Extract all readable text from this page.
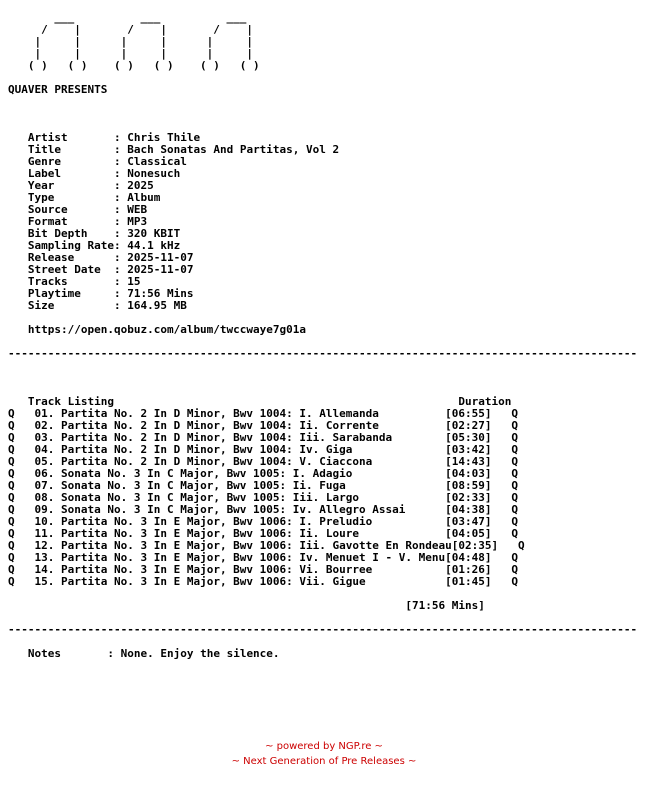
___          ___          ___
/    |       /    |       /    |
|     |      |     |      |     |
|     |      |     |      |     |
( )   ( )    ( )   ( )    ( )   ( )

QUAVER PRESENTS

Artist       : Chris Thile
Title        : Bach Sonatas And Partitas, Vol 2
Genre        : Classical
Label        : Nonesuch
Year         : 2025
Type         : Album
Source       : WEB
Format       : MP3
Bit Depth    : 320 KBIT
Sampling Rate: 44.1 kHz
Release      : 2025-11-07
Street Date  : 2025-11-07
Tracks       : 15
Playtime     : 71:56 Mins
Size         : 164.95 MB

https://open.qobuz.com/album/twccwaye7g01a

-----------------------------------------------------------------------------------------------

Track Listing	Duration
Q 01. Partita No. 2 In D Minor, Bwv 1004: I. Allemanda          [06:55] Q
Q 02. Partita No. 2 In D Minor, Bwv 1004: Ii. Corrente          [02:27] Q
Q 03. Partita No. 2 In D Minor, Bwv 1004: Iii. Sarabanda        [05:30] Q
Q 04. Partita No. 2 In D Minor, Bwv 1004: Iv. Giga              [03:42] Q
Q 05. Partita No. 2 In D Minor, Bwv 1004: V. Ciaccona           [14:43] Q
Q 06. Sonata No. 3 In C Major, Bwv 1005: I. Adagio              [04:03] Q
Q 07. Sonata No. 3 In C Major, Bwv 1005: Ii. Fuga               [08:59] Q
Q 08. Sonata No. 3 In C Major, Bwv 1005: Iii. Largo             [02:33] Q
Q 09. Sonata No. 3 In C Major, Bwv 1005: Iv. Allegro Assai      [04:38] Q
Q 10. Partita No. 3 In E Major, Bwv 1006: I. Preludio           [03:47] Q
Q 11. Partita No. 3 In E Major, Bwv 1006: Ii. Loure             [04:05] Q
Q 12. Partita No. 3 In E Major, Bwv 1006: Iii. Gavotte En Rondeau[02:35] Q
Q 13. Partita No. 3 In E Major, Bwv 1006: Iv. Menuet I - V. Menu[04:48] Q
Q 14. Partita No. 3 In E Major, Bwv 1006: Vi. Bourree           [01:26] Q
Q 15. Partita No. 3 In E Major, Bwv 1006: Vii. Gigue            [01:45] Q

[71:56 Mins]

-----------------------------------------------------------------------------------------------

Notes       : None. Enjoy the silence.
~ powered by NGP.re ~
~ Next Generation of Pre Releases ~
